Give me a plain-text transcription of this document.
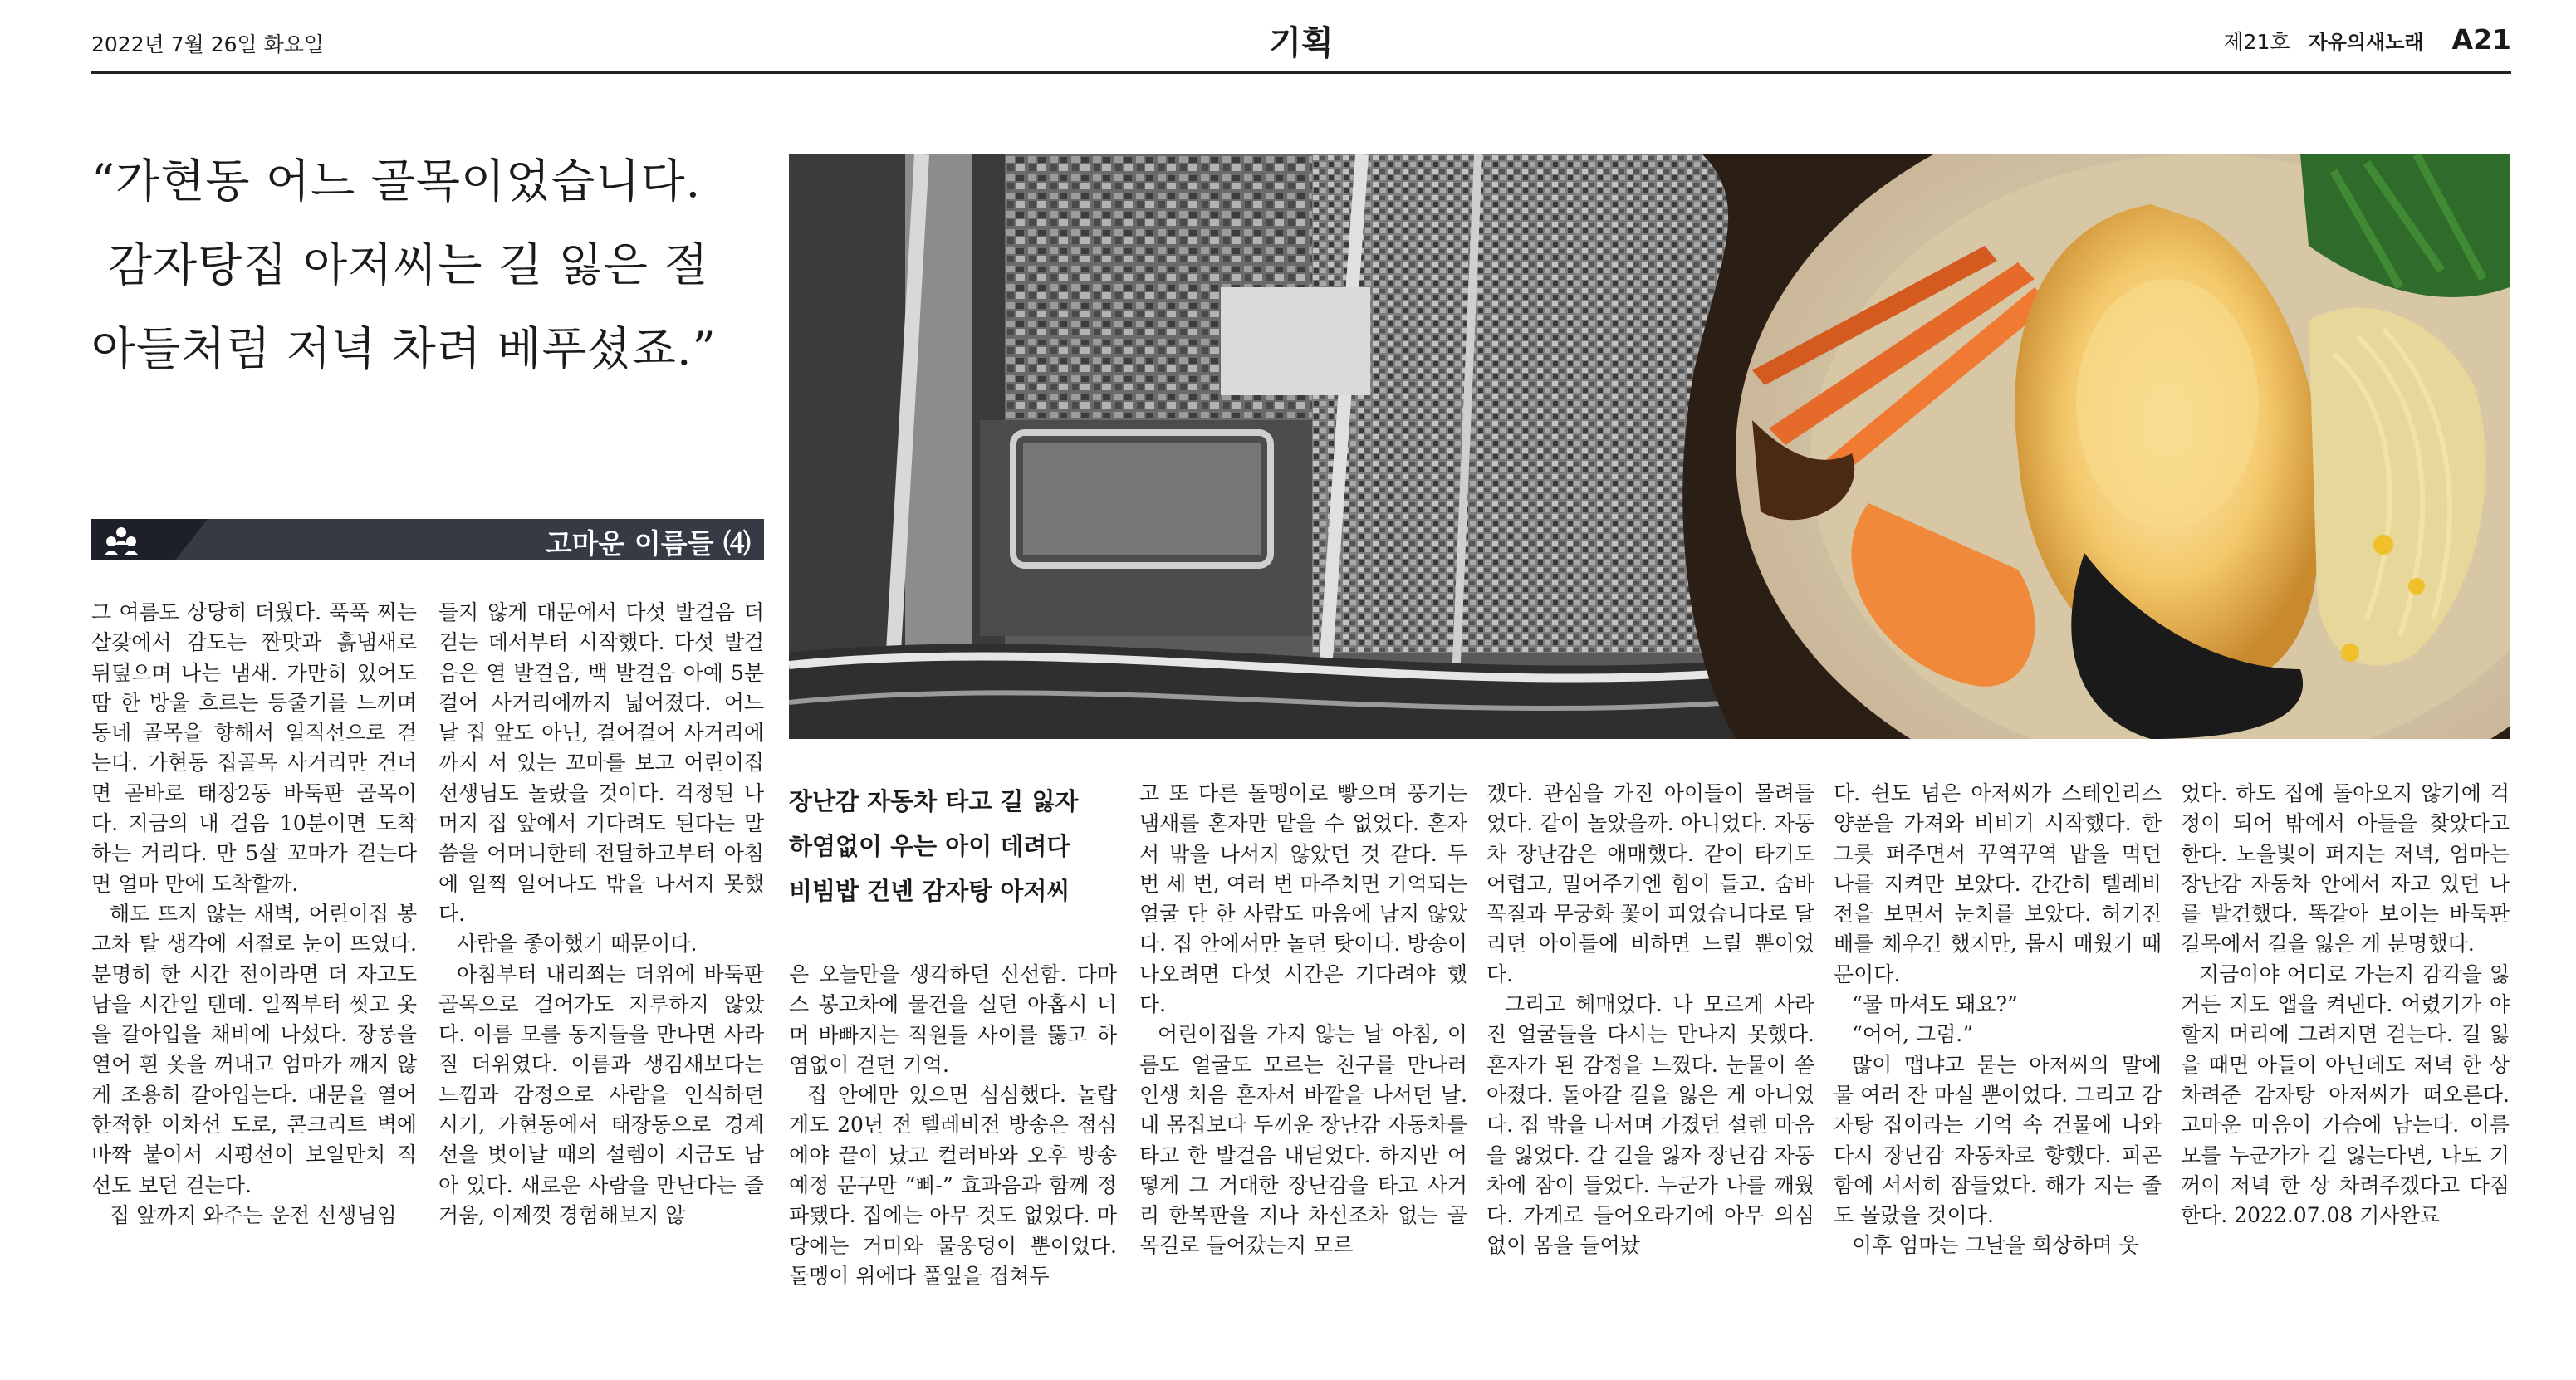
2022년 7월 26일 화요일	기획	제21호 자유의새노래 A21
“가현동 어느 골목이었습니다.
감자탕집 아저씨는 길 잃은 절
아들처럼 저녁 차려 베푸셨죠.”
고마운 이름들 ⑷

그 여름도 상당히 더웠다. 푹푹 찌는 살갗에서 감도는 짠맛과 흙냄새로 뒤덮으며 나는 냄새. 가만히 있어도 땀 한 방울 흐르는 등줄기를 느끼며 동네 골목을 향해서 일직선으로 걷는다. 가현동 집골목 사거리만 건너면 곧바로 태장2동 바둑판 골목이다. 지금의 내 걸음 10분이면 도착하는 거리다. 만 5살 꼬마가 걷는다면 얼마 만에 도착할까.

해도 뜨지 않는 새벽, 어린이집 봉고차 탈 생각에 저절로 눈이 뜨였다. 분명히 한 시간 전이라면 더 자고도 남을 시간일 텐데. 일찍부터 씻고 옷을 갈아입을 채비에 나섰다. 장롱을 열어 흰 옷을 꺼내고 엄마가 깨지 않게 조용히 갈아입는다. 대문을 열어 한적한 이차선 도로, 콘크리트 벽에 바짝 붙어서 지평선이 보일만치 직선도 보던 걷는다.

집 앞까지 와주는 운전 선생님임

들지 않게 대문에서 다섯 발걸음 더 걷는 데서부터 시작했다. 다섯 발걸음은 열 발걸음, 백 발걸음 아예 5분 걸어 사거리에까지 넓어졌다. 어느 날 집 앞도 아닌, 걸어걸어 사거리에 까지 서 있는 꼬마를 보고 어린이집 선생님도 놀랐을 것이다. 걱정된 나머지 집 앞에서 기다려도 된다는 말씀을 어머니한테 전달하고부터 아침에 일찍 일어나도 밖을 나서지 못했다.

사람을 좋아했기 때문이다.

아침부터 내리쬐는 더위에 바둑판 골목으로 걸어가도 지루하지 않았다. 이름 모를 동지들을 만나면 사라질 더위였다. 이름과 생김새보다는 느낌과 감정으로 사람을 인식하던 시기, 가현동에서 태장동으로 경계선을 벗어날 때의 설렘이 지금도 남아 있다. 새로운 사람을 만난다는 즐거움, 이제껏 경험해보지 않

장난감 자동차 타고 길 잃자
하염없이 우는 아이 데려다
비빔밥 건넨 감자탕 아저씨

은 오늘만을 생각하던 신선함. 다마스 봉고차에 물건을 실던 아홉시 너머 바빠지는 직원들 사이를 뚫고 하염없이 걷던 기억.

집 안에만 있으면 심심했다. 놀랍게도 20년 전 텔레비전 방송은 점심에야 끝이 났고 컬러바와 오후 방송 예정 문구만 “삐-” 효과음과 함께 정파됐다. 집에는 아무 것도 없었다. 마당에는 거미와 물웅덩이 뿐이었다. 돌멩이 위에다 풀잎을 겹쳐두

고 또 다른 돌멩이로 빻으며 풍기는 냄새를 혼자만 맡을 수 없었다. 혼자서 밖을 나서지 않았던 것 같다. 두 번 세 번, 여러 번 마주치면 기억되는 얼굴 단 한 사람도 마음에 남지 않았다. 집 안에서만 놀던 탓이다. 방송이 나오려면 다섯 시간은 기다려야 했다.

어린이집을 가지 않는 날 아침, 이름도 얼굴도 모르는 친구를 만나러 인생 처음 혼자서 바깥을 나서던 날. 내 몸집보다 두꺼운 장난감 자동차를 타고 한 발걸음 내딛었다. 하지만 어떻게 그 거대한 장난감을 타고 사거리 한복판을 지나 차선조차 없는 골목길로 들어갔는지 모르

겠다. 관심을 가진 아이들이 몰려들었다. 같이 놀았을까. 아니었다. 자동차 장난감은 애매했다. 같이 타기도 어렵고, 밀어주기엔 힘이 들고. 숨바꼭질과 무궁화 꽃이 피었습니다로 달리던 아이들에 비하면 느릴 뿐이었다.

그리고 헤매었다. 나 모르게 사라진 얼굴들을 다시는 만나지 못했다. 혼자가 된 감정을 느꼈다. 눈물이 쏟아졌다. 돌아갈 길을 잃은 게 아니었다. 집 밖을 나서며 가졌던 설렌 마음을 잃었다. 갈 길을 잃자 장난감 자동차에 잠이 들었다. 누군가 나를 깨웠다. 가게로 들어오라기에 아무 의심 없이 몸을 들여놨

다. 쉰도 넘은 아저씨가 스테인리스 양푼을 가져와 비비기 시작했다. 한 그릇 퍼주면서 꾸역꾸역 밥을 먹던 나를 지켜만 보았다. 간간히 텔레비전을 보면서 눈치를 보았다. 허기진 배를 채우긴 했지만, 몹시 매웠기 때문이다.

“물 마셔도 돼요?”

“어어, 그럼.”

많이 맵냐고 묻는 아저씨의 말에 물 여러 잔 마실 뿐이었다. 그리고 감자탕 집이라는 기억 속 건물에 나와 다시 장난감 자동차로 향했다. 피곤함에 서서히 잠들었다. 해가 지는 줄도 몰랐을 것이다.

이후 엄마는 그날을 회상하며 웃

었다. 하도 집에 돌아오지 않기에 걱정이 되어 밖에서 아들을 찾았다고 한다. 노을빛이 퍼지는 저녁, 엄마는 장난감 자동차 안에서 자고 있던 나를 발견했다. 똑같아 보이는 바둑판 길목에서 길을 잃은 게 분명했다.

지금이야 어디로 가는지 감각을 잃거든 지도 앱을 켜낸다. 어렸기가 야 할지 머리에 그려지면 걷는다. 길 잃을 때면 아들이 아닌데도 저녁 한 상 차려준 감자탕 아저씨가 떠오른다. 고마운 마음이 가슴에 남는다. 이름 모를 누군가가 길 잃는다면, 나도 기꺼이 저녁 한 상 차려주겠다고 다짐한다. 2022.07.08 기사완료
